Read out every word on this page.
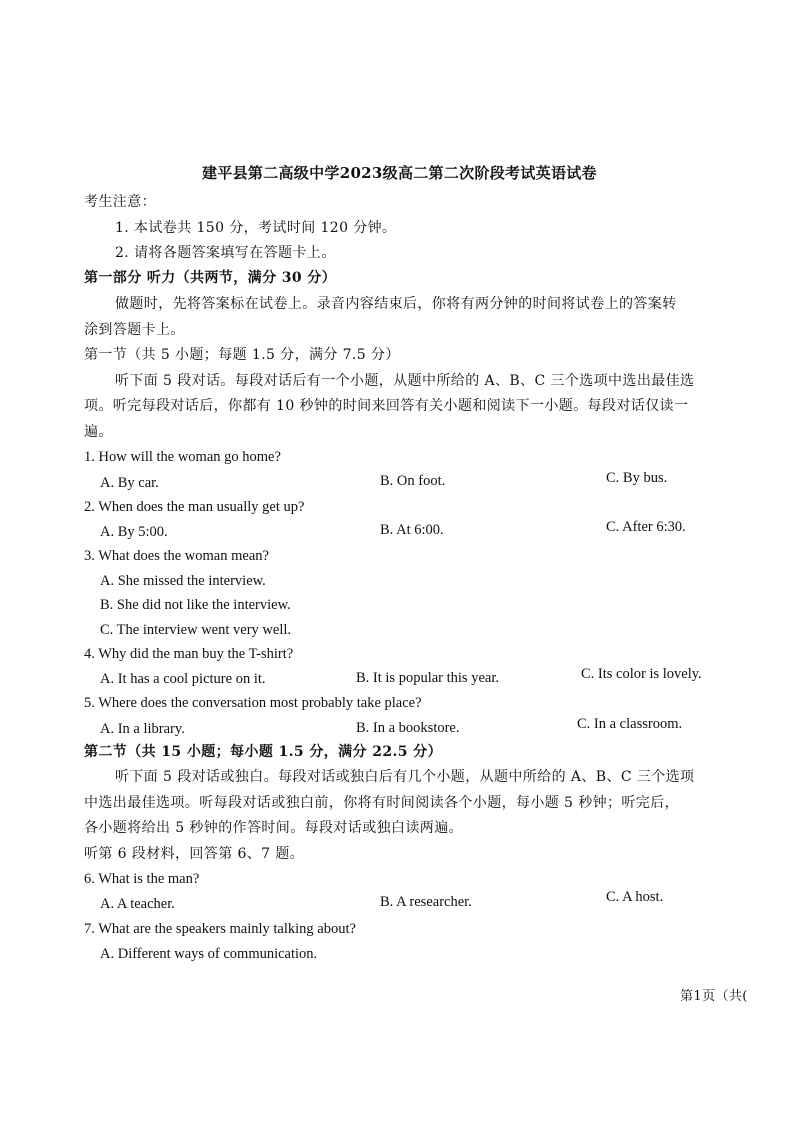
建平县第二高级中学2023级高二第二次阶段考试英语试卷
考生注意：
1. 本试卷共 150 分，考试时间 120 分钟。
2. 请将各题答案填写在答题卡上。
第一部分 听力（共两节，满分 30 分）
做题时，先将答案标在试卷上。录音内容结束后，你将有两分钟的时间将试卷上的答案转
涂到答题卡上。
第一节（共 5 小题；每题 1.5 分，满分 7.5 分）
听下面 5 段对话。每段对话后有一个小题，从题中所给的 A、B、C 三个选项中选出最佳选
项。听完每段对话后，你都有 10 秒钟的时间来回答有关小题和阅读下一小题。每段对话仅读一
遍。
1. How will the woman go home?
A. By car.	B. On foot.	C. By bus.
2. When does the man usually get up?
A. By 5:00.	B. At 6:00.	C. After 6:30.
3. What does the woman mean?
A. She missed the interview.
B. She did not like the interview.
C. The interview went very well.
4. Why did the man buy the T-shirt?
A. It has a cool picture on it.	B. It is popular this year.	C. Its color is lovely.
5. Where does the conversation most probably take place?
A. In a library.	B. In a bookstore.	C. In a classroom.
第二节（共 15 小题；每小题 1.5 分，满分 22.5 分）
听下面 5 段对话或独白。每段对话或独白后有几个小题，从题中所给的 A、B、C 三个选项
中选出最佳选项。听每段对话或独白前，你将有时间阅读各个小题，每小题 5 秒钟；听完后，
各小题将给出 5 秒钟的作答时间。每段对话或独白读两遍。
听第 6 段材料，回答第 6、7 题。
6. What is the man?
A. A teacher.	B. A researcher.	C. A host.
7. What are the speakers mainly talking about?
A. Different ways of communication.
第1页（共(
